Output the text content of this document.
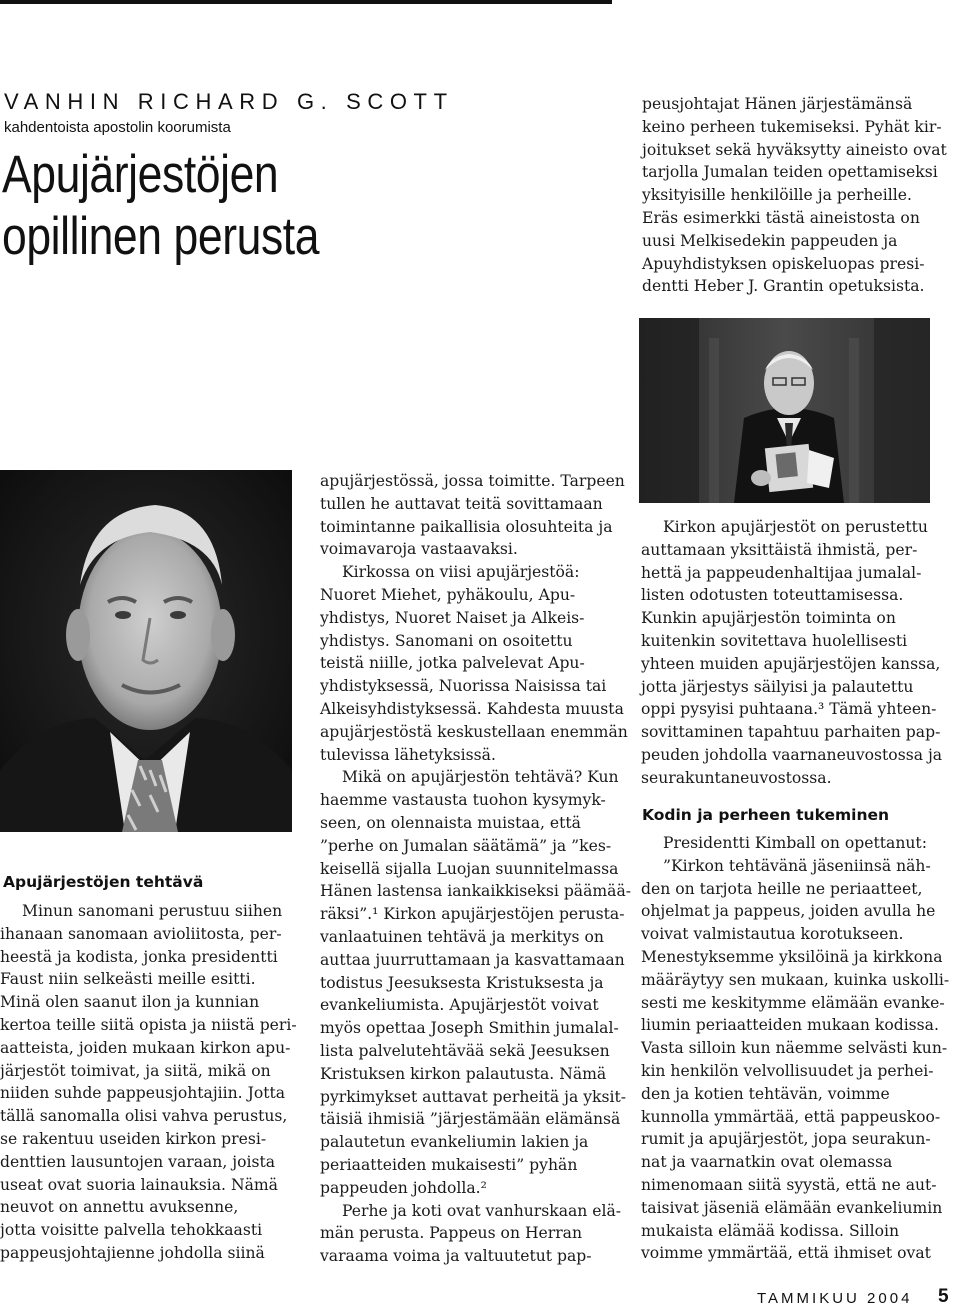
VANHIN RICHARD G. SCOTT
kahdentoista apostolin koorumista
Apujärjestöjen
opillinen perusta

peusjohtajat Hänen järjestämänsä

keino perheen tukemiseksi. Pyhät kir-

joitukset sekä hyväksytty aineisto ovat

tarjolla Jumalan teiden opettamiseksi

yksityisille henkilöille ja perheille.

Eräs esimerkki tästä aineistosta on

uusi Melkisedekin pappeuden ja

Apuyhdistyksen opiskeluopas presi-

dentti Heber J. Grantin opetuksista.

Apujärjestöjen tehtävä

Minun sanomani perustuu siihen

ihanaan sanomaan avioliitosta, per-

heestä ja kodista, jonka presidentti

Faust niin selkeästi meille esitti.

Minä olen saanut ilon ja kunnian

kertoa teille siitä opista ja niistä peri-

aatteista, joiden mukaan kirkon apu-

järjestöt toimivat, ja siitä, mikä on

niiden suhde pappeusjohtajiin. Jotta

tällä sanomalla olisi vahva perustus,

se rakentuu useiden kirkon presi-

denttien lausuntojen varaan, joista

useat ovat suoria lainauksia. Nämä

neuvot on annettu avuksenne,

jotta voisitte palvella tehokkaasti

pappeusjohtajienne johdolla siinä

apujärjestössä, jossa toimitte. Tarpeen

tullen he auttavat teitä sovittamaan

toimintanne paikallisia olosuhteita ja

voimavaroja vastaavaksi.

Kirkossa on viisi apujärjestöä:

Nuoret Miehet, pyhäkoulu, Apu-

yhdistys, Nuoret Naiset ja Alkeis-

yhdistys. Sanomani on osoitettu

teistä niille, jotka palvelevat Apu-

yhdistyksessä, Nuorissa Naisissa tai

Alkeisyhdistyksessä. Kahdesta muusta

apujärjestöstä keskustellaan enemmän

tulevissa lähetyksissä.

Mikä on apujärjestön tehtävä? Kun

haemme vastausta tuohon kysymyk-

seen, on olennaista muistaa, että

”perhe on Jumalan säätämä” ja ”kes-

keisellä sijalla Luojan suunnitelmassa

Hänen lastensa iankaikkiseksi päämää-

räksi”.¹ Kirkon apujärjestöjen perusta-

vanlaatuinen tehtävä ja merkitys on

auttaa juurruttamaan ja kasvattamaan

todistus Jeesuksesta Kristuksesta ja

evankeliumista. Apujärjestöt voivat

myös opettaa Joseph Smithin jumalal-

lista palvelutehtävää sekä Jeesuksen

Kristuksen kirkon palautusta. Nämä

pyrkimykset auttavat perheitä ja yksit-

täisiä ihmisiä ”järjestämään elämänsä

palautetun evankeliumin lakien ja

periaatteiden mukaisesti” pyhän

pappeuden johdolla.²

Perhe ja koti ovat vanhurskaan elä-

män perusta. Pappeus on Herran

varaama voima ja valtuutetut pap-

Kirkon apujärjestöt on perustettu

auttamaan yksittäistä ihmistä, per-

hettä ja pappeudenhaltijaa jumalal-

listen odotusten toteuttamisessa.

Kunkin apujärjestön toiminta on

kuitenkin sovitettava huolellisesti

yhteen muiden apujärjestöjen kanssa,

jotta järjestys säilyisi ja palautettu

oppi pysyisi puhtaana.³ Tämä yhteen-

sovittaminen tapahtuu parhaiten pap-

peuden johdolla vaarnaneuvostossa ja

seurakuntaneuvostossa.

Kodin ja perheen tukeminen

Presidentti Kimball on opettanut:

”Kirkon tehtävänä jäseniinsä näh-

den on tarjota heille ne periaatteet,

ohjelmat ja pappeus, joiden avulla he

voivat valmistautua korotukseen.

Menestyksemme yksilöinä ja kirkkona

määräytyy sen mukaan, kuinka uskolli-

sesti me keskitymme elämään evanke-

liumin periaatteiden mukaan kodissa.

Vasta silloin kun näemme selvästi kun-

kin henkilön velvollisuudet ja perhei-

den ja kotien tehtävän, voimme

kunnolla ymmärtää, että pappeuskoo-

rumit ja apujärjestöt, jopa seurakun-

nat ja vaarnatkin ovat olemassa

nimenomaan siitä syystä, että ne aut-

taisivat jäseniä elämään evankeliumin

mukaista elämää kodissa. Silloin

voimme ymmärtää, että ihmiset ovat

TAMMIKUU 2004 5
